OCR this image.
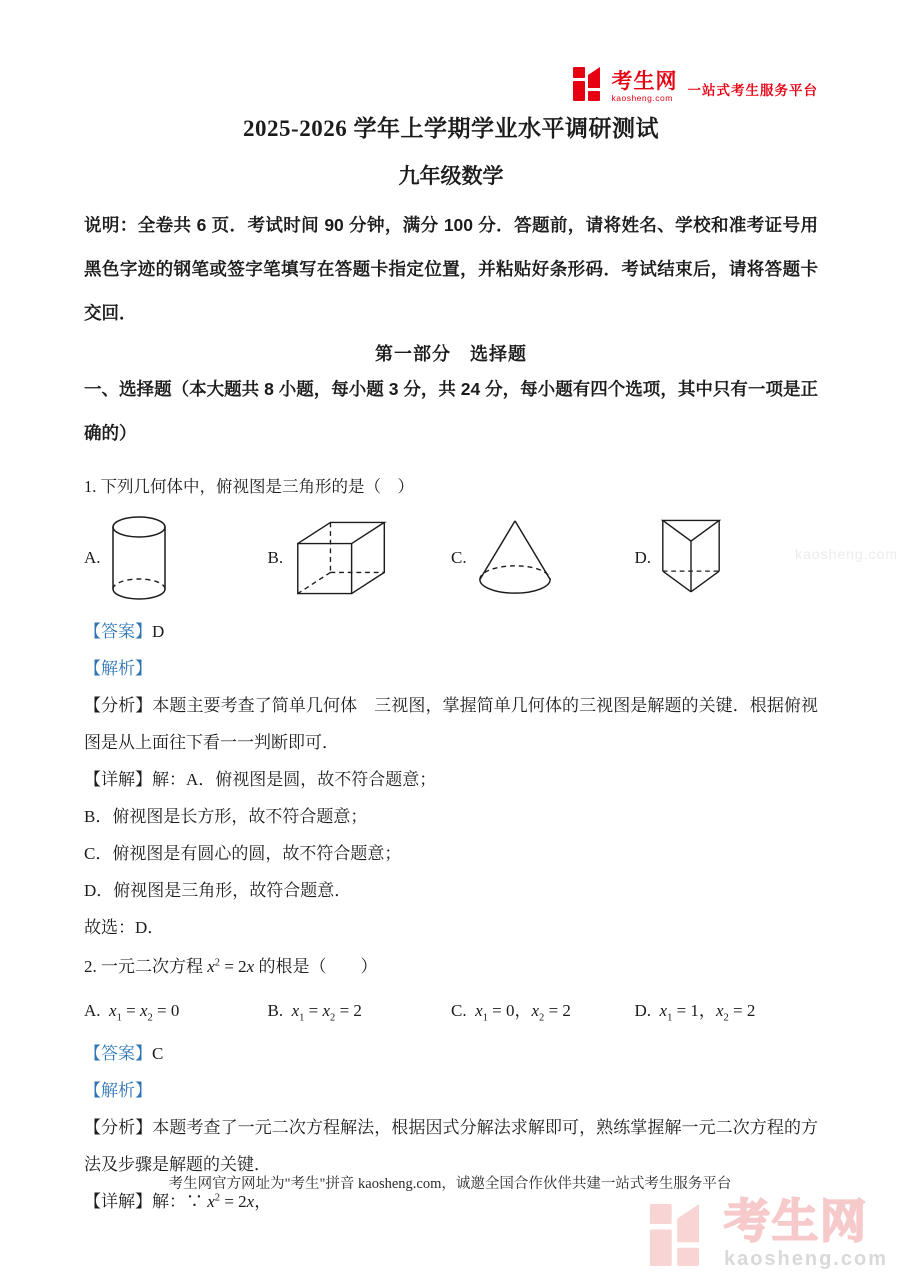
kaosheng.com
考生网
kaosheng.com	一站式考生服务平台
2025-2026 学年上学期学业水平调研测试
九年级数学

说明：全卷共 6 页．考试时间 90 分钟，满分 100 分．答题前，请将姓名、学校和准考证号用黑色字迹的钢笔或签字笔填写在答题卡指定位置，并粘贴好条形码．考试结束后，请将答题卡交回．

第一部分　选择题

一、选择题（本大题共 8 小题，每小题 3 分，共 24 分，每小题有四个选项，其中只有一项是正确的）

1. 下列几何体中，俯视图是三角形的是（　）

A.	B.	C.	D.

【答案】D

【解析】

【分析】本题主要考查了简单几何体　三视图，掌握简单几何体的三视图是解题的关键．根据俯视图是从上面往下看一一判断即可．

【详解】解：A．俯视图是圆，故不符合题意；

B．俯视图是长方形，故不符合题意；

C．俯视图是有圆心的圆，故不符合题意；

D．俯视图是三角形，故符合题意．

故选：D．

2. 一元二次方程 $x^2 = 2x$ 的根是（　　）

A. $x_1 = x_2 = 0$	B. $x_1 = x_2 = 2$	C. $x_1 = 0$，$x_2 = 2$	D. $x_1 = 1$，$x_2 = 2$

【答案】C

【解析】

【分析】本题考查了一元二次方程解法，根据因式分解法求解即可，熟练掌握解一元二次方程的方法及步骤是解题的关键．

【详解】解：∵ $x^2 = 2x$，

考生网官方网址为"考生"拼音 kaosheng.com，诚邀全国合作伙伴共建一站式考生服务平台

考生网
kaosheng.com
